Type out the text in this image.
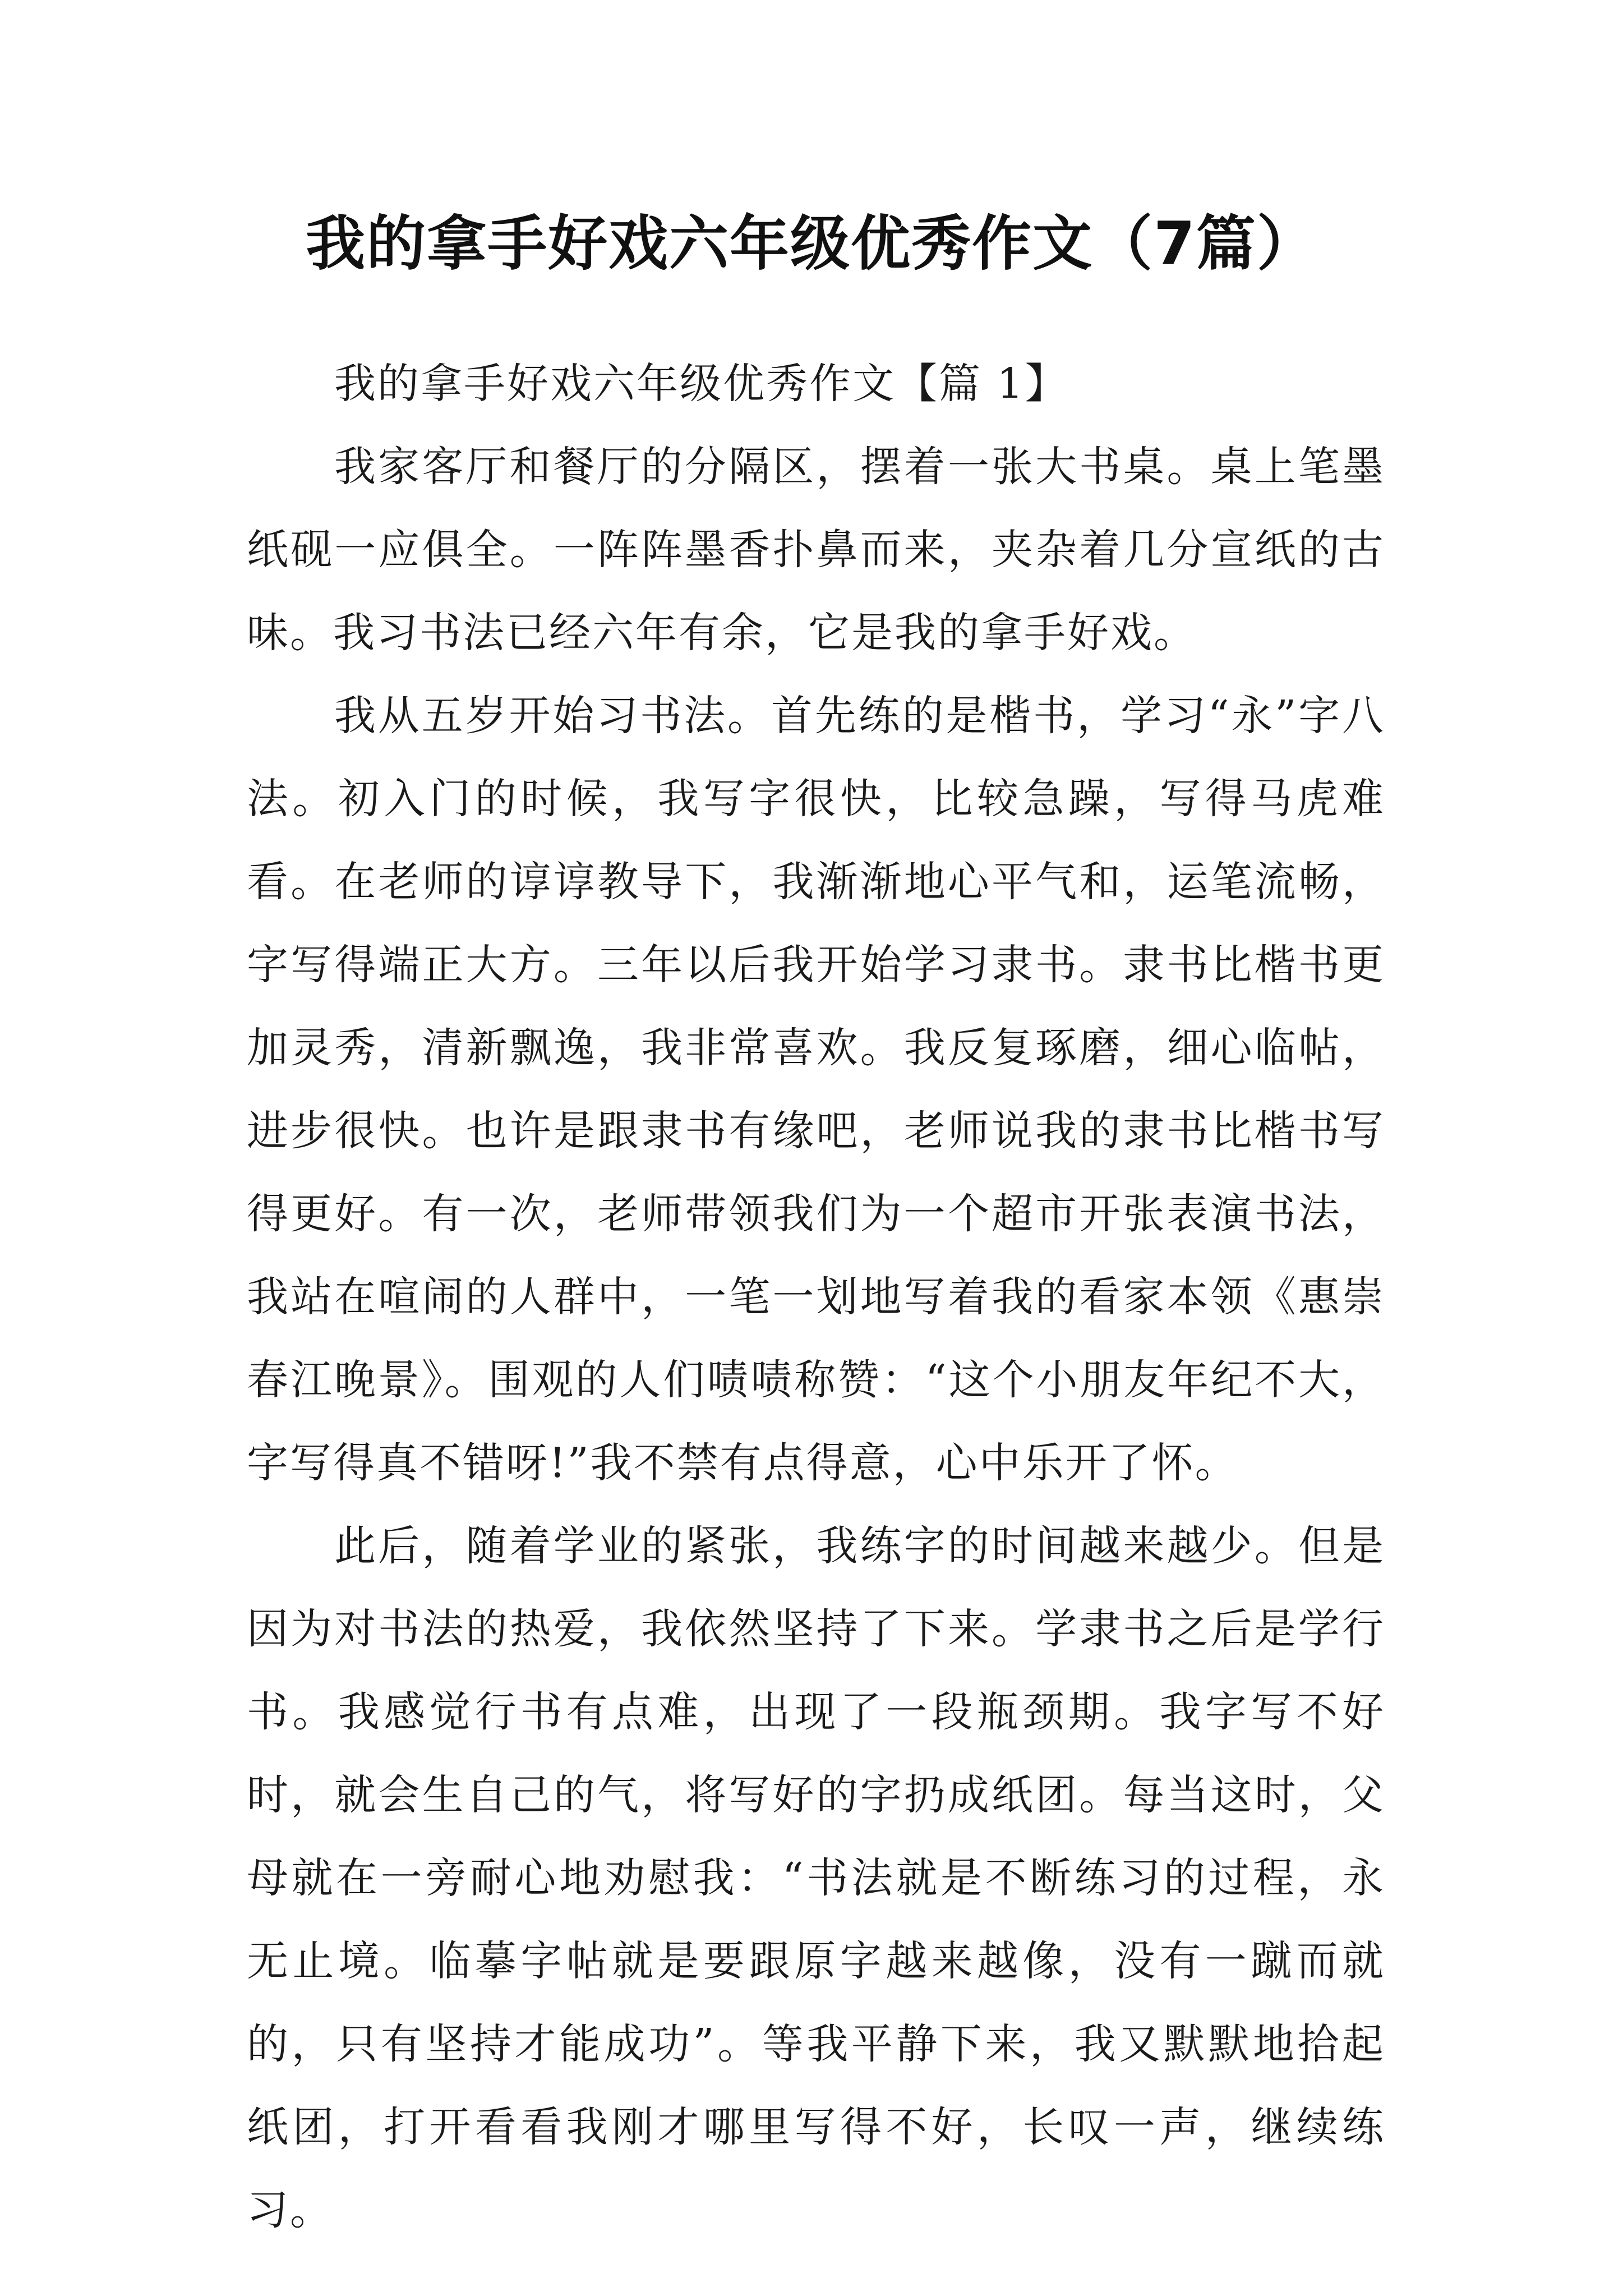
我的拿手好戏六年级优秀作文（7篇）

我的拿手好戏六年级优秀作文【篇 1】

我家客厅和餐厅的分隔区，摆着一张大书桌。桌上笔墨纸砚一应俱全。一阵阵墨香扑鼻而来，夹杂着几分宣纸的古味。我习书法已经六年有余，它是我的拿手好戏。

我从五岁开始习书法。首先练的是楷书，学习“永”字八法。初入门的时候，我写字很快，比较急躁，写得马虎难看。在老师的谆谆教导下，我渐渐地心平气和，运笔流畅，字写得端正大方。三年以后我开始学习隶书。隶书比楷书更加灵秀，清新飘逸，我非常喜欢。我反复琢磨，细心临帖，进步很快。也许是跟隶书有缘吧，老师说我的隶书比楷书写得更好。有一次，老师带领我们为一个超市开张表演书法，我站在喧闹的人群中，一笔一划地写着我的看家本领《惠崇春江晚景》。围观的人们啧啧称赞：“这个小朋友年纪不大，字写得真不错呀!”我不禁有点得意，心中乐开了怀。

此后，随着学业的紧张，我练字的时间越来越少。但是因为对书法的热爱，我依然坚持了下来。学隶书之后是学行书。我感觉行书有点难，出现了一段瓶颈期。我字写不好时，就会生自己的气，将写好的字扔成纸团。每当这时，父母就在一旁耐心地劝慰我：“书法就是不断练习的过程，永无止境。临摹字帖就是要跟原字越来越像，没有一蹴而就的，只有坚持才能成功”。等我平静下来，我又默默地拾起纸团，打开看看我刚才哪里写得不好，长叹一声，继续练习。
